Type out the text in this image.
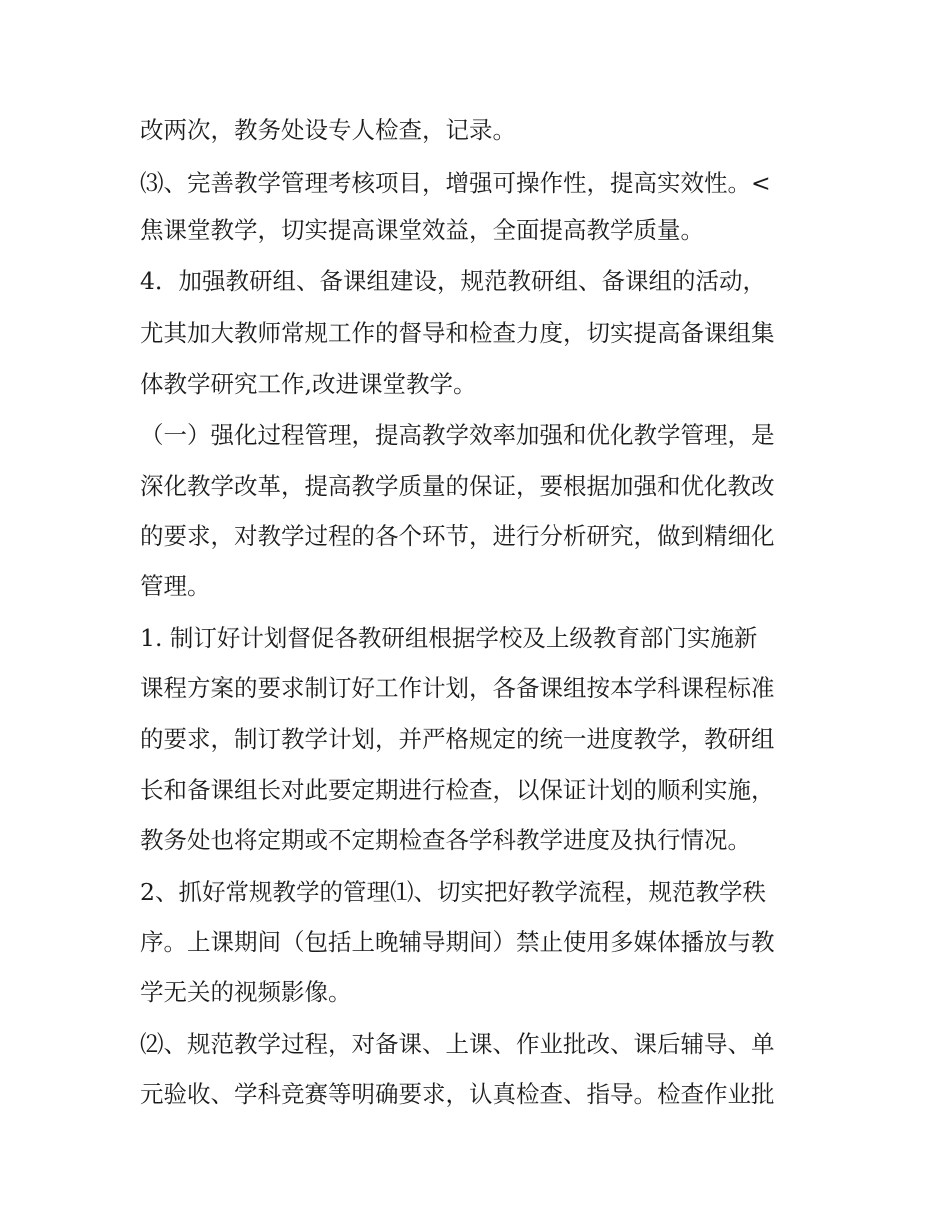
改两次，教务处设专人检查，记录。
⑶、完善教学管理考核项目，增强可操作性，提高实效性。<
焦课堂教学，切实提高课堂效益，全面提高教学质量。
4．加强教研组、备课组建设，规范教研组、备课组的活动，
尤其加大教师常规工作的督导和检查力度，切实提高备课组集
体教学研究工作,改进课堂教学。
（一）强化过程管理，提高教学效率加强和优化教学管理，是
深化教学改革，提高教学质量的保证，要根据加强和优化教改
的要求，对教学过程的各个环节，进行分析研究，做到精细化
管理。
1. 制订好计划督促各教研组根据学校及上级教育部门实施新
课程方案的要求制订好工作计划，各备课组按本学科课程标准
的要求，制订教学计划，并严格规定的统一进度教学，教研组
长和备课组长对此要定期进行检查，以保证计划的顺利实施，
教务处也将定期或不定期检查各学科教学进度及执行情况。
2、抓好常规教学的管理⑴、切实把好教学流程，规范教学秩
序。上课期间（包括上晚辅导期间）禁止使用多媒体播放与教
学无关的视频影像。
⑵、规范教学过程，对备课、上课、作业批改、课后辅导、单
元验收、学科竞赛等明确要求，认真检查、指导。检查作业批
